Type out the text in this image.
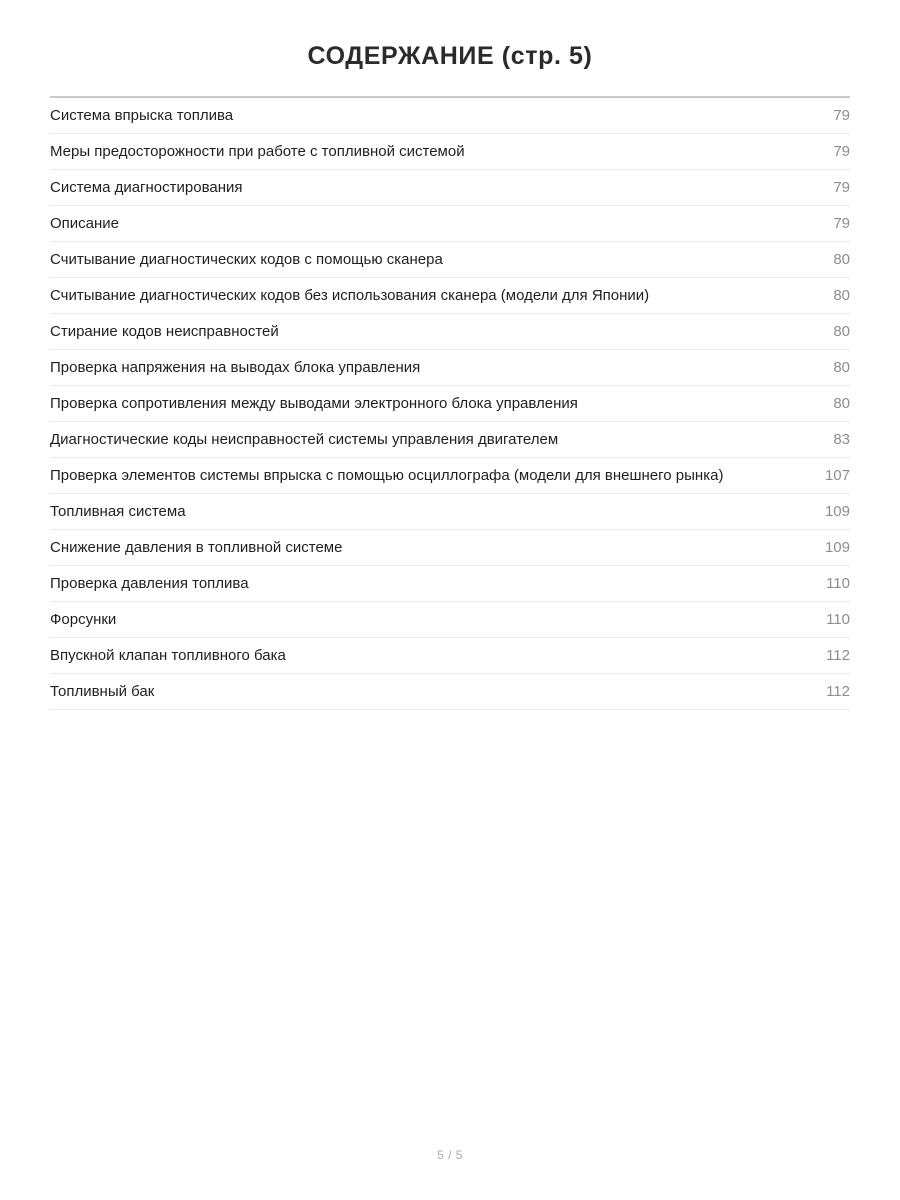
СОДЕРЖАНИЕ (стр. 5)
Система впрыска топлива	79
Меры предосторожности при работе с топливной системой	79
Система диагностирования	79
Описание	79
Считывание диагностических кодов с помощью сканера	80
Считывание диагностических кодов без использования сканера (модели для Японии)	80
Стирание кодов неисправностей	80
Проверка напряжения на выводах блока управления	80
Проверка сопротивления между выводами электронного блока управления	80
Диагностические коды неисправностей системы управления двигателем	83
Проверка элементов системы впрыска с помощью осциллографа (модели для внешнего рынка)	107
Топливная система	109
Снижение давления в топливной системе	109
Проверка давления топлива	110
Форсунки	110
Впускной клапан топливного бака	112
Топливный бак	112
5 / 5
